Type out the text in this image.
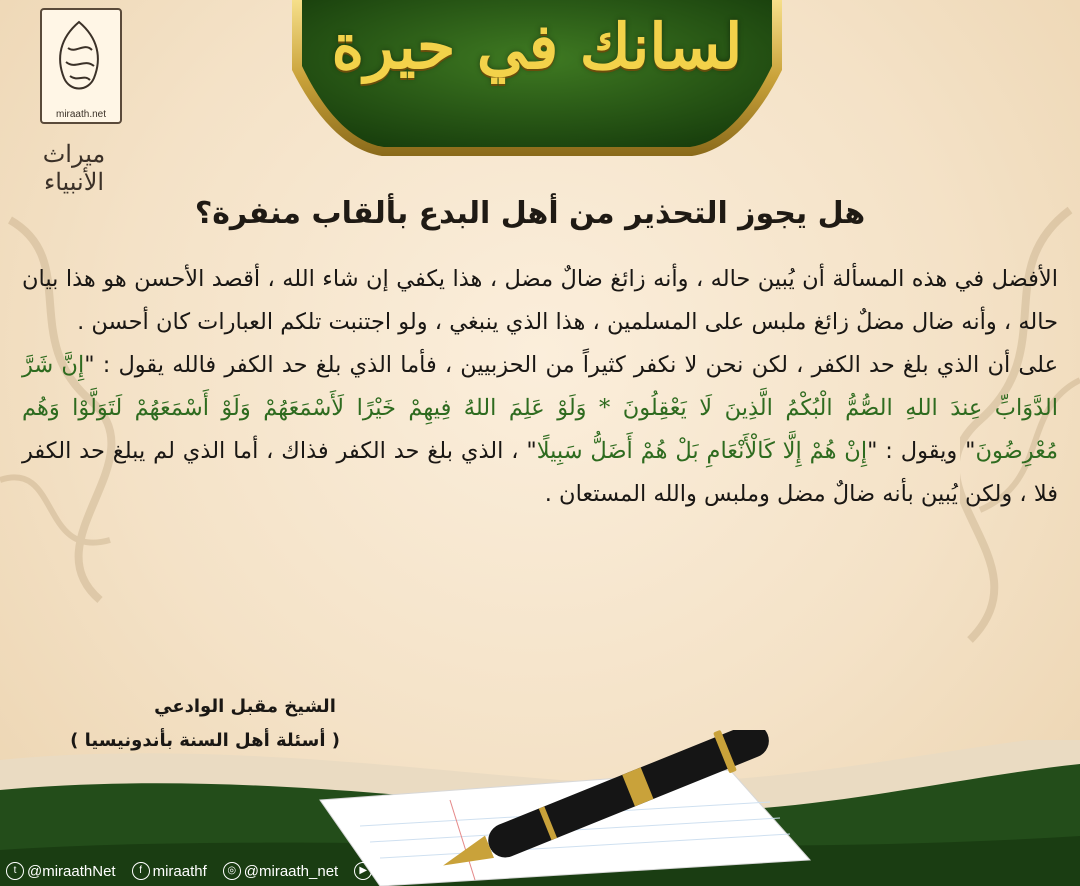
لسانك في حيرة
miraath.net
ميراث الأنبياء
هل يجوز التحذير من أهل البدع بألقاب منفرة؟

الأفضل في هذه المسألة أن يُبين حاله ، وأنه زائغ ضالٌ مضل ، هذا يكفي إن شاء الله ، أقصد الأحسن هو هذا بيان حاله ، وأنه ضال مضلٌ زائغ ملبس على المسلمين ، هذا الذي ينبغي ، ولو اجتنبت تلكم العبارات كان أحسن .

على أن الذي بلغ حد الكفر ، لكن نحن لا نكفر كثيراً من الحزبيين ، فأما الذي بلغ حد الكفر فالله يقول : "إِنَّ شَرَّ الدَّوَابِّ عِندَ اللهِ الصُّمُّ الْبُكْمُ الَّذِينَ لَا يَعْقِلُونَ * وَلَوْ عَلِمَ اللهُ فِيهِمْ خَيْرًا لَأَسْمَعَهُمْ وَلَوْ أَسْمَعَهُمْ لَتَوَلَّوْا وَهُم مُعْرِضُونَ" ويقول : "إِنْ هُمْ إِلَّا كَالْأَنْعَامِ بَلْ هُمْ أَضَلُّ سَبِيلًا" ، الذي بلغ حد الكفر فذاك ، أما الذي لم يبلغ حد الكفر فلا ، ولكن يُبين بأنه ضالٌ مضل وملبس والله المستعان .

الشيخ مقبل الوادعي
( أسئلة أهل السنة بأندونيسيا )
t @miraathNet	f miraathf	◎ @miraath_net	▶ miraathNet
